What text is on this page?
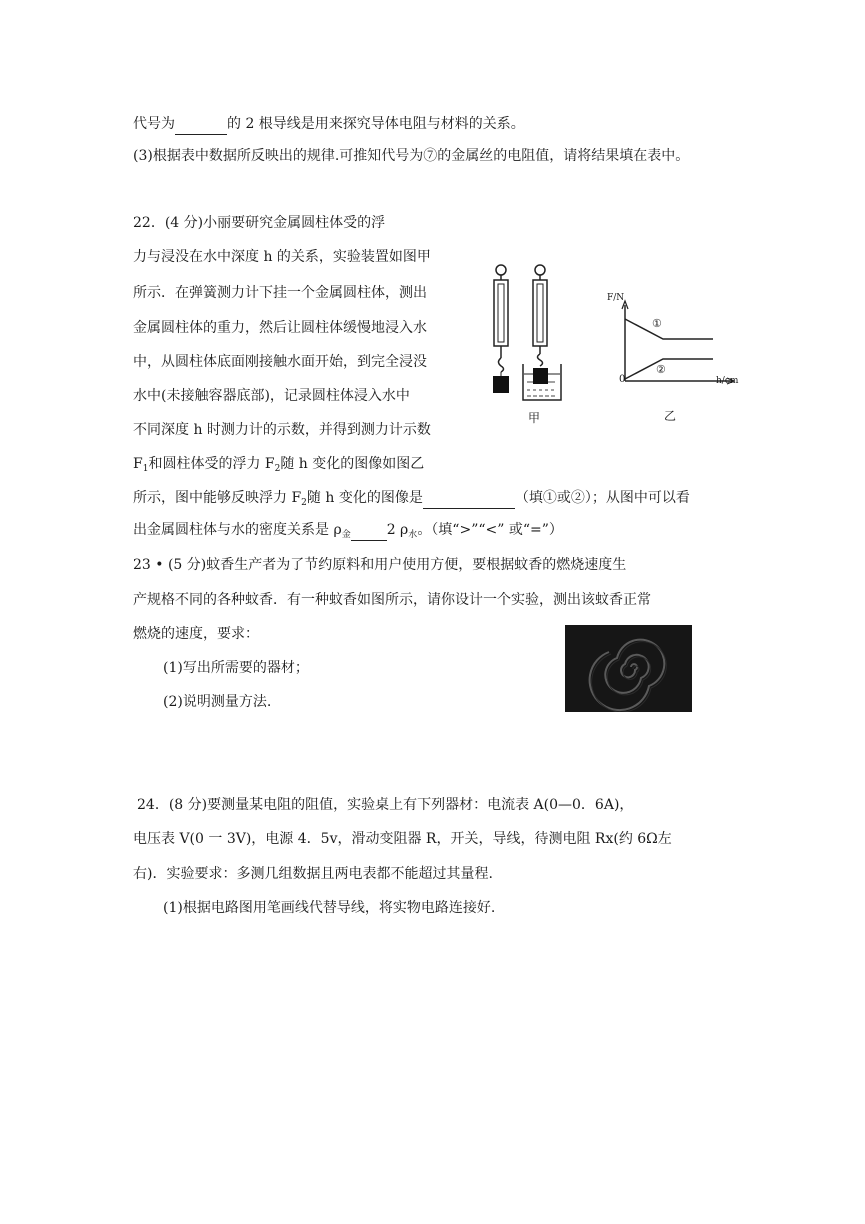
代号为	的 2 根导线是用来探究导体电阻与材料的关系。
(3)根据表中数据所反映出的规律.可推知代号为⑦的金属丝的电阻值，请将结果填在表中。
22．(4 分)小丽要研究金属圆柱体受的浮
力与浸没在水中深度 h 的关系，实验装置如图甲
所示．在弹簧测力计下挂一个金属圆柱体，测出
金属圆柱体的重力，然后让圆柱体缓慢地浸入水
中，从圆柱体底面刚接触水面开始，到完全浸没
水中(未接触容器底部)，记录圆柱体浸入水中
不同深度 h 时测力计的示数，并得到测力计示数
$F_1$和圆柱体受的浮力 $F_2$随 h 变化的图像如图乙
所示，图中能够反映浮力 $F_2$随 h 变化的图像是	（填①或②）；从图中可以看
出金属圆柱体与水的密度关系是 $\rho_金$	2 $\rho_水$。（填“>”“<” 或“=”）
甲
F/N
h/cm
0
①
②
乙
23 • (5 分)蚊香生产者为了节约原料和用户使用方便，要根据蚊香的燃烧速度生
产规格不同的各种蚊香．有一种蚊香如图所示，请你设计一个实验，测出该蚊香正常
燃烧的速度，要求：
(1)写出所需要的器材；
(2)说明测量方法.
24．(8 分)要测量某电阻的阻值，实验桌上有下列器材：电流表 A(0—0．6A)，
电压表 V(0 一 3V)，电源 4．5v，滑动变阻器 R，开关，导线，待测电阻 Rx(约 6Ω左
右)．实验要求：多测几组数据且两电表都不能超过其量程.
(1)根据电路图用笔画线代替导线，将实物电路连接好.
